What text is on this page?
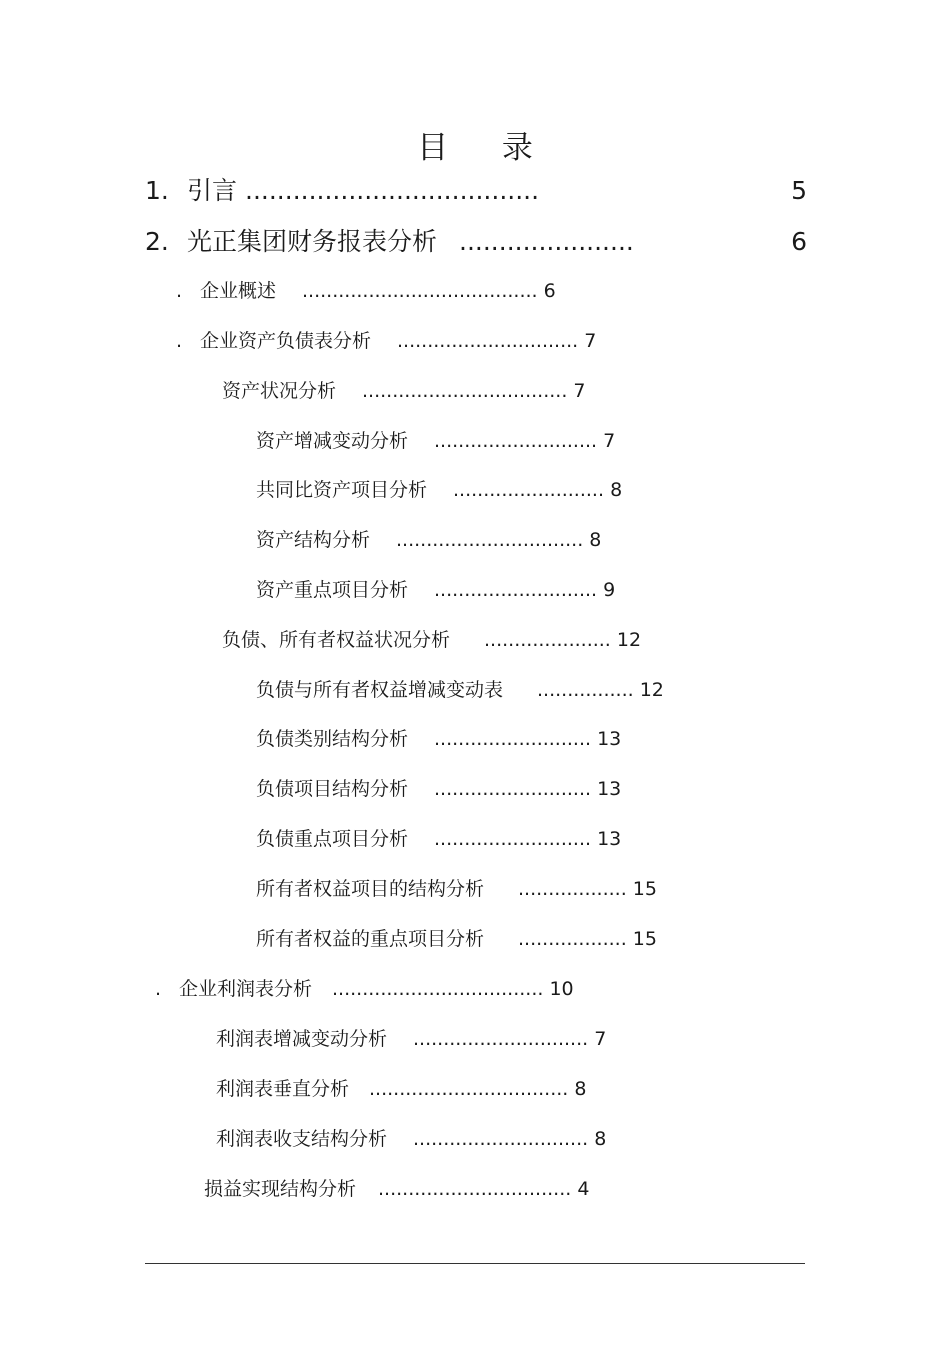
目 录
1. 引言 .....................................	5
2. 光正集团财务报表分析 ......................	6
. 企业概述 ....................................... 6
. 企业资产负债表分析 .............................. 7
资产状况分析 .................................. 7
资产增减变动分析 ........................... 7
共同比资产项目分析 ......................... 8
资产结构分析 ............................... 8
资产重点项目分析 ........................... 9
负债、所有者权益状况分析 ..................... 12
负债与所有者权益增减变动表 ................ 12
负债类别结构分析 .......................... 13
负债项目结构分析 .......................... 13
负债重点项目分析 .......................... 13
所有者权益项目的结构分析 .................. 15
所有者权益的重点项目分析 .................. 15
. 企业利润表分析 ................................... 10
利润表增减变动分析 ............................. 7
利润表垂直分析 ................................. 8
利润表收支结构分析 ............................. 8
损益实现结构分析 ................................ 4
